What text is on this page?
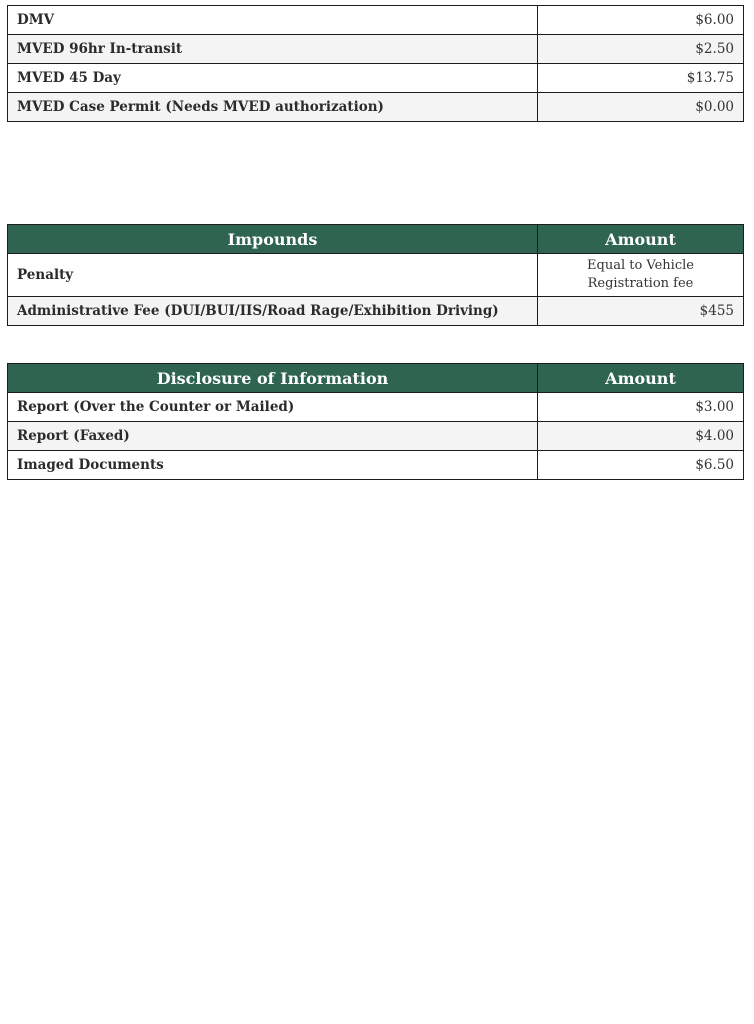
DMV	$6.00
MVED 96hr In-transit	$2.50
MVED 45 Day	$13.75
MVED Case Permit (Needs MVED authorization)	$0.00
Impounds	Amount
Penalty	Equal to Vehicle
Registration fee

Administrative Fee (DUI/BUI/IIS/Road Rage/Exhibition Driving)	$455
Disclosure of Information	Amount
Report (Over the Counter or Mailed)	$3.00
Report (Faxed)	$4.00
Imaged Documents	$6.50
